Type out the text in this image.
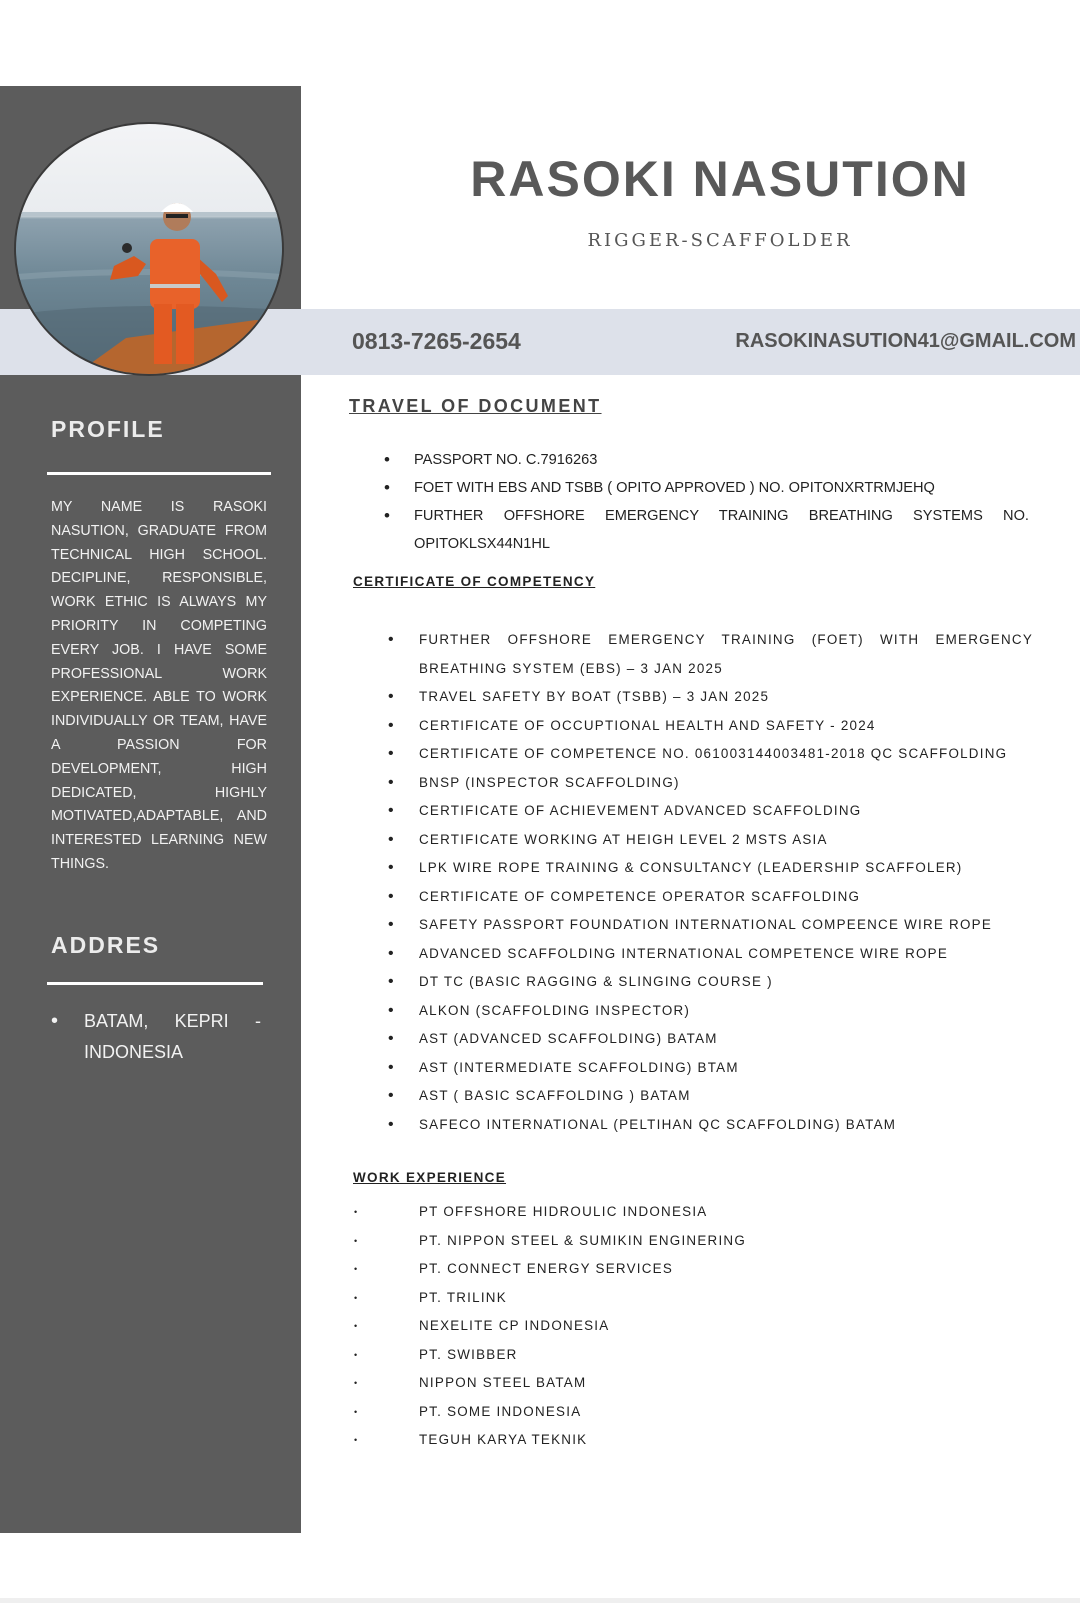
RASOKI NASUTION
RIGGER-SCAFFOLDER
0813-7265-2654	RASOKINASUTION41@GMAIL.COM
PROFILE

MY NAME IS RASOKI NASUTION, GRADUATE FROM TECHNICAL HIGH SCHOOL. DECIPLINE, RESPONSIBLE, WORK ETHIC IS ALWAYS MY PRIORITY IN COMPETING EVERY JOB. I HAVE SOME PROFESSIONAL WORK EXPERIENCE. ABLE TO WORK INDIVIDUALLY OR TEAM, HAVE A PASSION FOR DEVELOPMENT, HIGH DEDICATED, HIGHLY MOTIVATED,ADAPTABLE, AND INTERESTED LEARNING NEW THINGS.

ADDRES
• BATAM, KEPRI - INDONESIA
TRAVEL OF DOCUMENT
• PASSPORT NO. C.7916263
• FOET WITH EBS AND TSBB ( OPITO APPROVED ) NO. OPITONXRTRMJEHQ
• FURTHER OFFSHORE EMERGENCY TRAINING BREATHING SYSTEMS NO. OPITOKLSX44N1HL
CERTIFICATE OF COMPETENCY
• FURTHER OFFSHORE EMERGENCY TRAINING (FOET) WITH EMERGENCY BREATHING SYSTEM (EBS) – 3 JAN 2025
• TRAVEL SAFETY BY BOAT (TSBB) – 3 JAN 2025
• CERTIFICATE OF OCCUPTIONAL HEALTH AND SAFETY - 2024
• CERTIFICATE OF COMPETENCE NO. 061003144003481-2018 QC SCAFFOLDING
• BNSP (INSPECTOR SCAFFOLDING)
• CERTIFICATE OF ACHIEVEMENT ADVANCED SCAFFOLDING
• CERTIFICATE WORKING AT HEIGH LEVEL 2 MSTS ASIA
• LPK WIRE ROPE TRAINING & CONSULTANCY (LEADERSHIP SCAFFOLER)
• CERTIFICATE OF COMPETENCE OPERATOR SCAFFOLDING
• SAFETY PASSPORT FOUNDATION INTERNATIONAL COMPEENCE WIRE ROPE
• ADVANCED SCAFFOLDING INTERNATIONAL COMPETENCE WIRE ROPE
• DT TC (BASIC RAGGING & SLINGING COURSE )
• ALKON (SCAFFOLDING INSPECTOR)
• AST (ADVANCED SCAFFOLDING) BATAM
• AST (INTERMEDIATE SCAFFOLDING) BTAM
• AST ( BASIC SCAFFOLDING ) BATAM
• SAFECO INTERNATIONAL (PELTIHAN QC SCAFFOLDING) BATAM
WORK EXPERIENCE
• PT OFFSHORE HIDROULIC INDONESIA
• PT. NIPPON STEEL & SUMIKIN ENGINERING
• PT. CONNECT ENERGY SERVICES
• PT. TRILINK
• NEXELITE CP INDONESIA
• PT. SWIBBER
• NIPPON STEEL BATAM
• PT. SOME INDONESIA
• TEGUH KARYA TEKNIK
